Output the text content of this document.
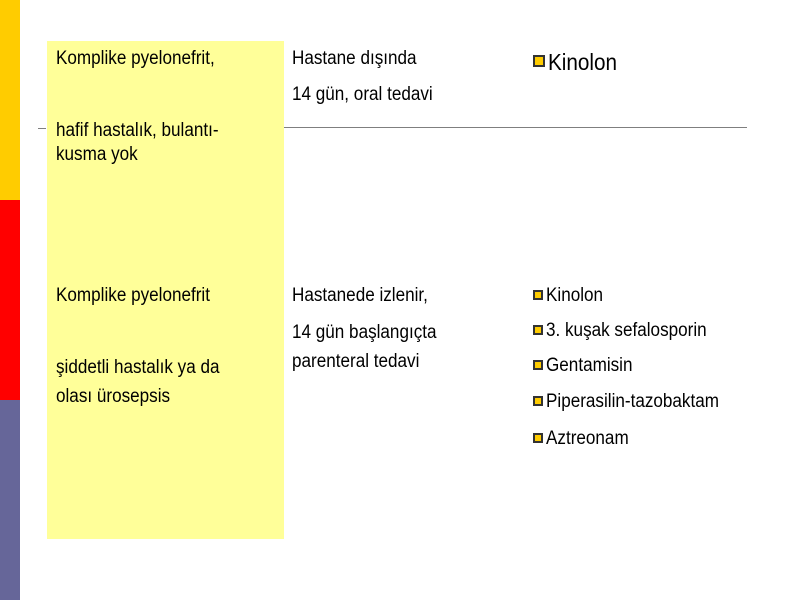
Komplike pyelonefrit,
hafif hastalık, bulantı-kusma yok
Hastane dışında
14 gün, oral tedavi
Kinolon
Komplike pyelonefrit
şiddetli hastalık ya da olası ürosepsis
Hastanede izlenir,
14 gün başlangıçta parenteral tedavi
Kinolon
3. kuşak sefalosporin
Gentamisin
Piperasilin-tazobaktam
Aztreonam
